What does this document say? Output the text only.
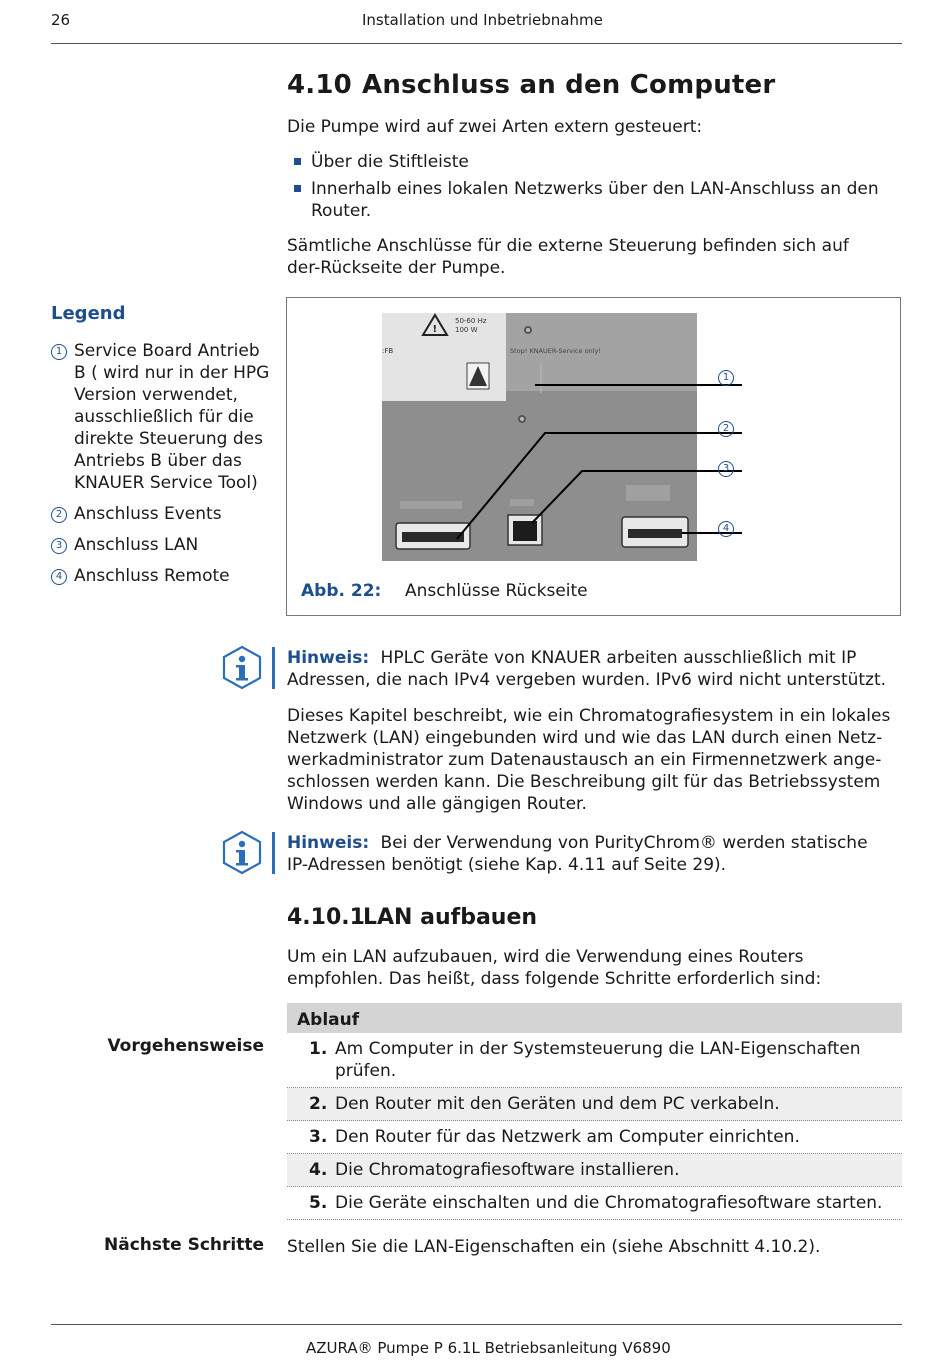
26	Installation und Inbetriebnahme
4.10 Anschluss an den Computer
Die Pumpe wird auf zwei Arten extern gesteuert:
Über die Stiftleiste
Innerhalb eines lokalen Netzwerks über den LAN-Anschluss an den Router.
Sämtliche Anschlüsse für die externe Steuerung befinden sich auf der-Rückseite der Pumpe.
Legend
1 Service Board Antrieb B ( wird nur in der HPG Version verwendet, ausschließlich für die direkte Steuerung des Antriebs B über das KNAUER Service Tool)
2 Anschluss Events
3 Anschluss LAN
4 Anschluss Remote
!
50-60 Hz
100 W
:FB	Stop! KNAUER-Service only!
1
2
3
4
Abb. 22: Anschlüsse Rückseite
Hinweis: HPLC Geräte von KNAUER arbeiten ausschließlich mit IP Adressen, die nach IPv4 vergeben wurden. IPv6 wird nicht unterstützt.
Dieses Kapitel beschreibt, wie ein Chromatografiesystem in ein lokales Netzwerk (LAN) eingebunden wird und wie das LAN durch einen Netzwerkadministrator zum Datenaustausch an ein Firmennetzwerk angeschlossen werden kann. Die Beschreibung gilt für das Betriebssystem Windows und alle gängigen Router.
Hinweis: Bei der Verwendung von PurityChrom® werden statische IP-Adressen benötigt (siehe Kap. 4.11 auf Seite 29).
4.10.1LAN aufbauen
Um ein LAN aufzubauen, wird die Verwendung eines Routers empfohlen. Das heißt, dass folgende Schritte erforderlich sind:
Vorgehensweise
Ablauf
1. Am Computer in der Systemsteuerung die LAN-Eigenschaften prüfen.
2. Den Router mit den Geräten und dem PC verkabeln.
3. Den Router für das Netzwerk am Computer einrichten.
4. Die Chromatografiesoftware installieren.
5. Die Geräte einschalten und die Chromatografiesoftware starten.
Nächste Schritte Stellen Sie die LAN-Eigenschaften ein (siehe Abschnitt 4.10.2).
AZURA® Pumpe P 6.1L Betriebsanleitung V6890
